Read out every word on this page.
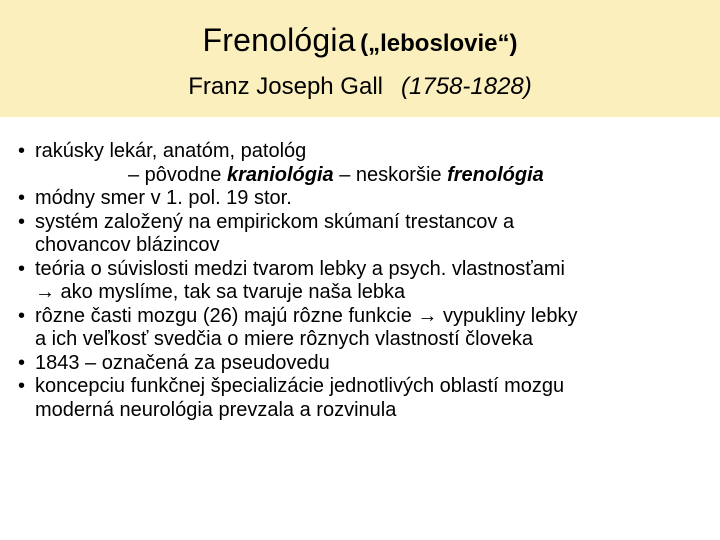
Frenológia („leboslovie“)
Franz Joseph Gall (1758-1828)
• rakúsky lekár, anatóm, patológ
– pôvodne kraniológia – neskoršie frenológia
• módny smer v 1. pol. 19 stor.
• systém založený na empirickom skúmaní trestancov a
chovancov blázincov
• teória o súvislosti medzi tvarom lebky a psych. vlastnosťami
→ ako myslíme, tak sa tvaruje naša lebka
• rôzne časti mozgu (26) majú rôzne funkcie → vypukliny lebky
a ich veľkosť svedčia o miere rôznych vlastností človeka
• 1843 – označená za pseudovedu
• koncepciu funkčnej špecializácie jednotlivých oblastí mozgu
moderná neurológia prevzala a rozvinula
